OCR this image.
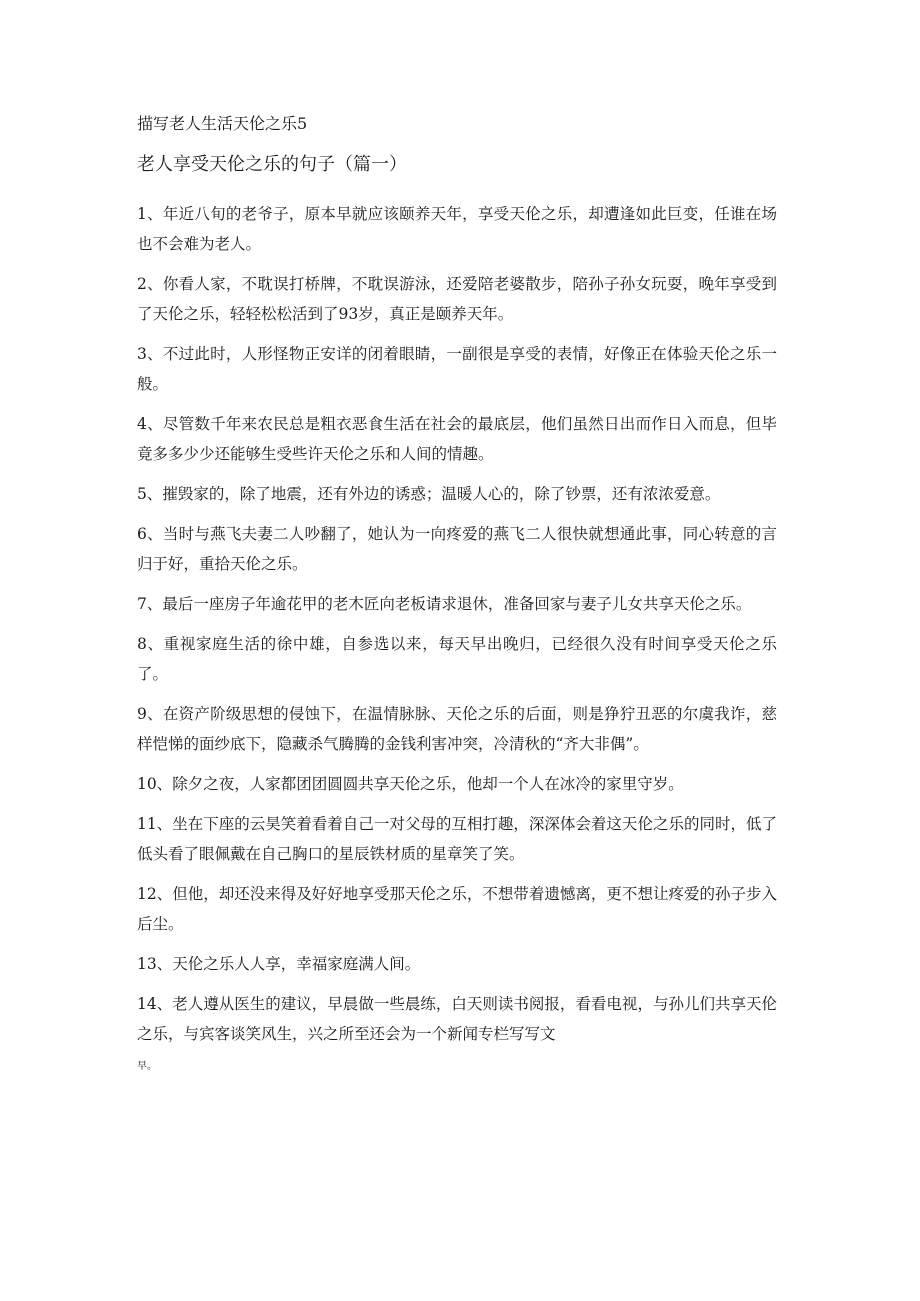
描写老人生活天伦之乐5
老人享受天伦之乐的句子（篇一）

1、年近八旬的老爷子，原本早就应该颐养天年，享受天伦之乐，却遭逢如此巨变，任谁在场也不会难为老人。

2、你看人家，不耽误打桥牌，不耽误游泳，还爱陪老婆散步，陪孙子孙女玩耍，晚年享受到了天伦之乐，轻轻松松活到了93岁，真正是颐养天年。

3、不过此时，人形怪物正安详的闭着眼睛，一副很是享受的表情，好像正在体验天伦之乐一般。

4、尽管数千年来农民总是粗衣恶食生活在社会的最底层，他们虽然日出而作日入而息，但毕竟多多少少还能够生受些许天伦之乐和人间的情趣。

5、摧毁家的，除了地震，还有外边的诱惑；温暖人心的，除了钞票，还有浓浓爱意。

6、当时与燕飞夫妻二人吵翻了，她认为一向疼爱的燕飞二人很快就想通此事，同心转意的言归于好，重拾天伦之乐。

7、最后一座房子年逾花甲的老木匠向老板请求退休，准备回家与妻子儿女共享天伦之乐。

8、重视家庭生活的徐中雄，自参选以来，每天早出晚归，已经很久没有时间享受天伦之乐了。

9、在资产阶级思想的侵蚀下，在温情脉脉、天伦之乐的后面，则是狰狞丑恶的尔虞我诈，慈样恺悌的面纱底下，隐藏杀气腾腾的金钱利害冲突，冷清秋的“齐大非偶”。

10、除夕之夜，人家都团团圆圆共享天伦之乐，他却一个人在冰冷的家里守岁。

11、坐在下座的云昊笑着看着自己一对父母的互相打趣，深深体会着这天伦之乐的同时，低了低头看了眼佩戴在自己胸口的星辰铁材质的星章笑了笑。

12、但他，却还没来得及好好地享受那天伦之乐，不想带着遗憾离，更不想让疼爱的孙子步入后尘。

13、天伦之乐人人享，幸福家庭满人间。

14、老人遵从医生的建议，早晨做一些晨练，白天则读书阅报，看看电视，与孙儿们共享天伦之乐，与宾客谈笑风生，兴之所至还会为一个新闻专栏写写文
早。
